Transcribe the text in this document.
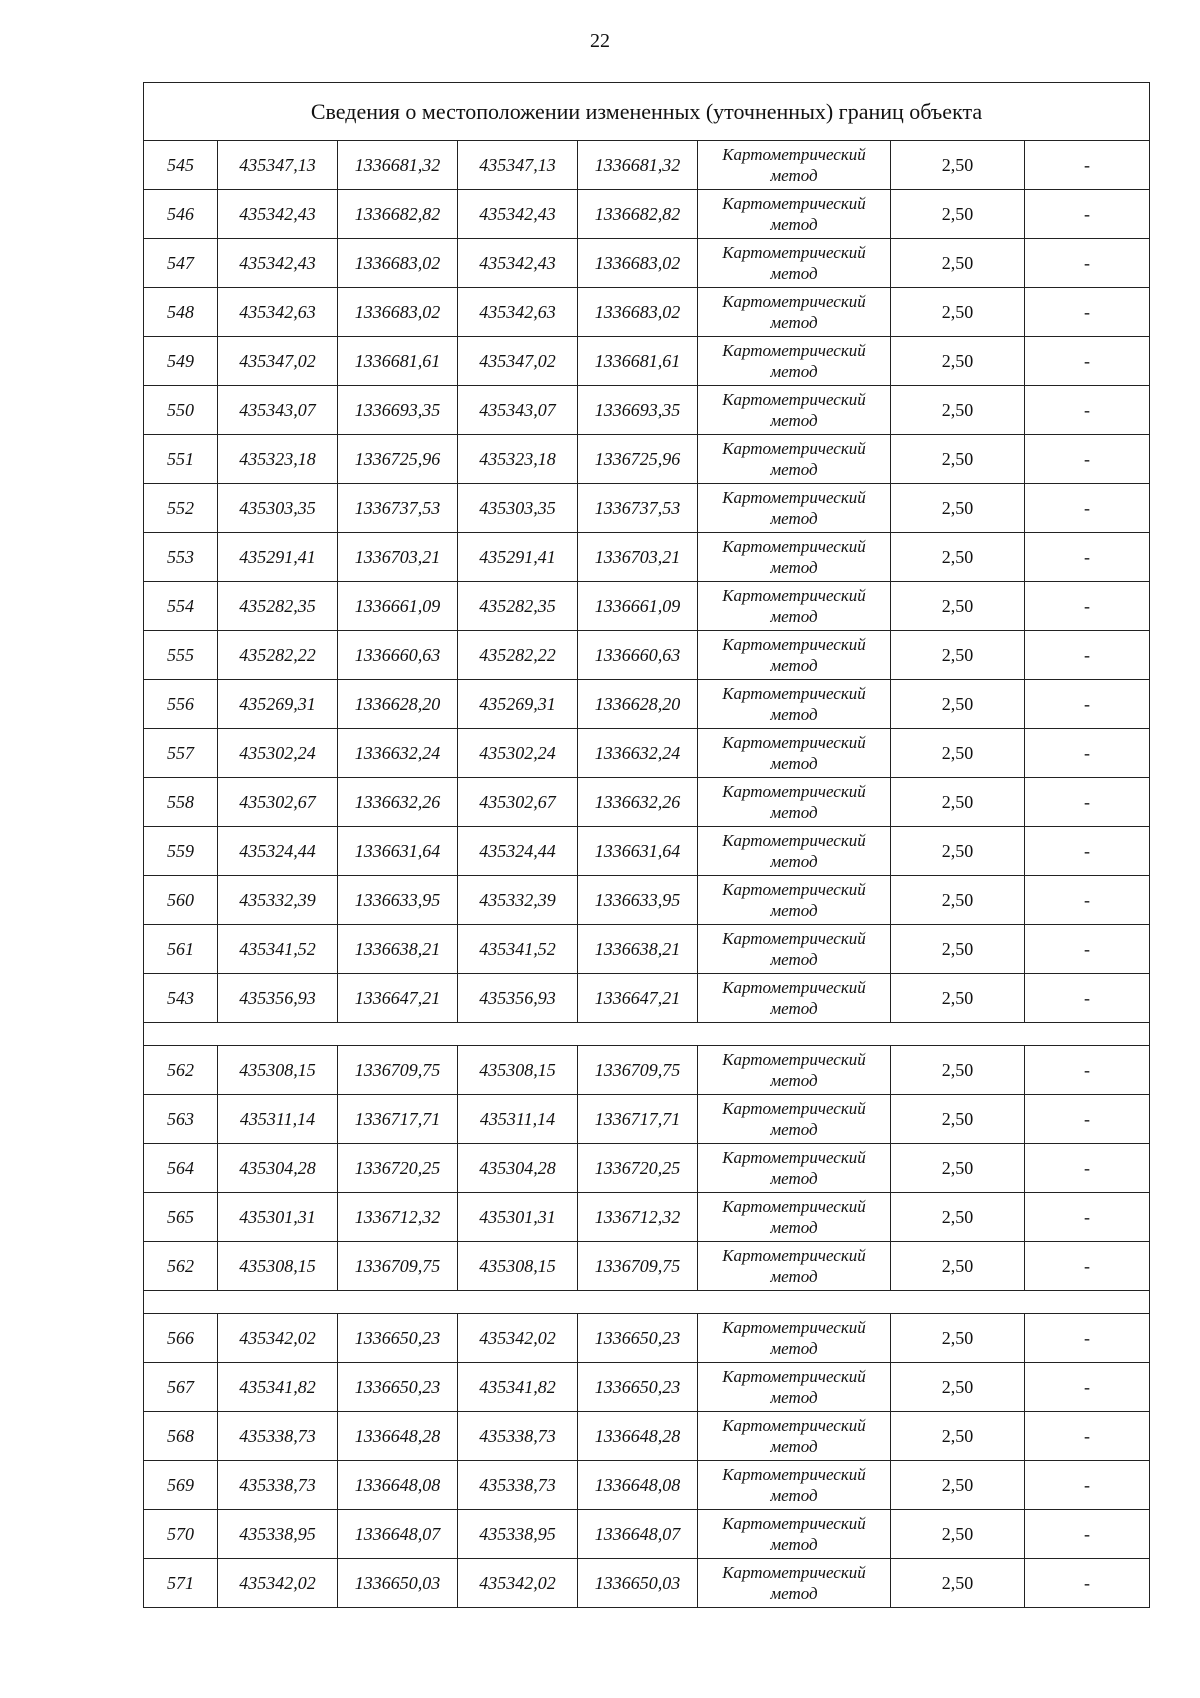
22
Сведения о местоположении измененных (уточненных) границ объекта							
545	435347,13	1336681,32	435347,13	1336681,32	Картометрический метод	2,50	-
546	435342,43	1336682,82	435342,43	1336682,82	Картометрический метод	2,50	-
547	435342,43	1336683,02	435342,43	1336683,02	Картометрический метод	2,50	-
548	435342,63	1336683,02	435342,63	1336683,02	Картометрический метод	2,50	-
549	435347,02	1336681,61	435347,02	1336681,61	Картометрический метод	2,50	-
550	435343,07	1336693,35	435343,07	1336693,35	Картометрический метод	2,50	-
551	435323,18	1336725,96	435323,18	1336725,96	Картометрический метод	2,50	-
552	435303,35	1336737,53	435303,35	1336737,53	Картометрический метод	2,50	-
553	435291,41	1336703,21	435291,41	1336703,21	Картометрический метод	2,50	-
554	435282,35	1336661,09	435282,35	1336661,09	Картометрический метод	2,50	-
555	435282,22	1336660,63	435282,22	1336660,63	Картометрический метод	2,50	-
556	435269,31	1336628,20	435269,31	1336628,20	Картометрический метод	2,50	-
557	435302,24	1336632,24	435302,24	1336632,24	Картометрический метод	2,50	-
558	435302,67	1336632,26	435302,67	1336632,26	Картометрический метод	2,50	-
559	435324,44	1336631,64	435324,44	1336631,64	Картометрический метод	2,50	-
560	435332,39	1336633,95	435332,39	1336633,95	Картометрический метод	2,50	-
561	435341,52	1336638,21	435341,52	1336638,21	Картометрический метод	2,50	-
543	435356,93	1336647,21	435356,93	1336647,21	Картометрический метод	2,50	-

562	435308,15	1336709,75	435308,15	1336709,75	Картометрический метод	2,50	-
563	435311,14	1336717,71	435311,14	1336717,71	Картометрический метод	2,50	-
564	435304,28	1336720,25	435304,28	1336720,25	Картометрический метод	2,50	-
565	435301,31	1336712,32	435301,31	1336712,32	Картометрический метод	2,50	-
562	435308,15	1336709,75	435308,15	1336709,75	Картометрический метод	2,50	-

566	435342,02	1336650,23	435342,02	1336650,23	Картометрический метод	2,50	-
567	435341,82	1336650,23	435341,82	1336650,23	Картометрический метод	2,50	-
568	435338,73	1336648,28	435338,73	1336648,28	Картометрический метод	2,50	-
569	435338,73	1336648,08	435338,73	1336648,08	Картометрический метод	2,50	-
570	435338,95	1336648,07	435338,95	1336648,07	Картометрический метод	2,50	-
571	435342,02	1336650,03	435342,02	1336650,03	Картометрический метод	2,50	-
